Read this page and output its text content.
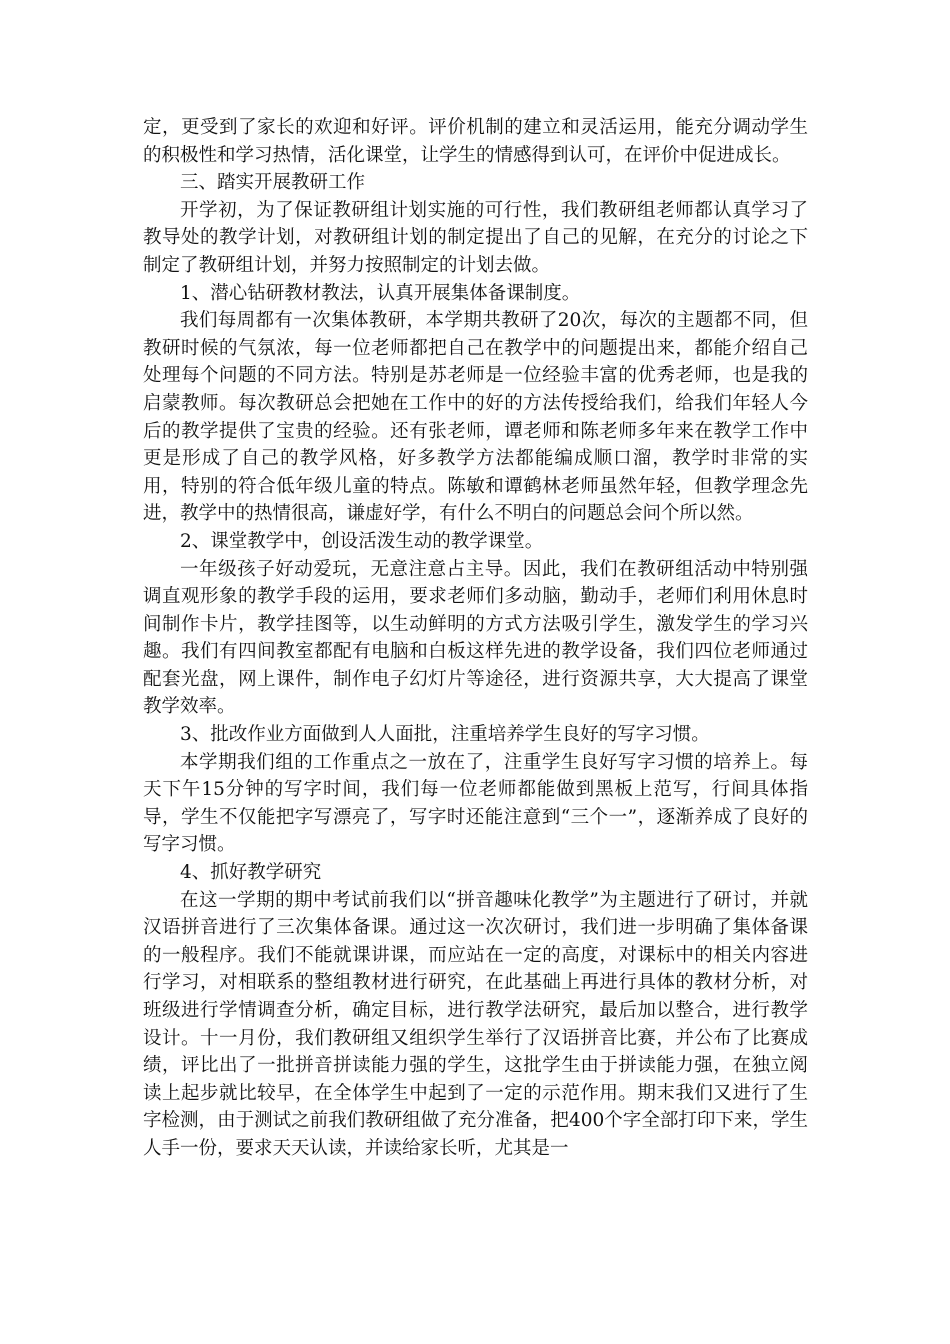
定，更受到了家长的欢迎和好评。评价机制的建立和灵活运用，能充分调动学生的积极性和学习热情，活化课堂，让学生的情感得到认可，在评价中促进成长。

三、踏实开展教研工作

开学初，为了保证教研组计划实施的可行性，我们教研组老师都认真学习了教导处的教学计划，对教研组计划的制定提出了自己的见解，在充分的讨论之下制定了教研组计划，并努力按照制定的计划去做。

1、潜心钻研教材教法，认真开展集体备课制度。

我们每周都有一次集体教研，本学期共教研了20次，每次的主题都不同，但教研时候的气氛浓，每一位老师都把自己在教学中的问题提出来，都能介绍自己处理每个问题的不同方法。特别是苏老师是一位经验丰富的优秀老师，也是我的启蒙教师。每次教研总会把她在工作中的好的方法传授给我们，给我们年轻人今后的教学提供了宝贵的经验。还有张老师，谭老师和陈老师多年来在教学工作中更是形成了自己的教学风格，好多教学方法都能编成顺口溜，教学时非常的实用，特别的符合低年级儿童的特点。陈敏和谭鹤林老师虽然年轻，但教学理念先进，教学中的热情很高，谦虚好学，有什么不明白的问题总会问个所以然。

2、课堂教学中，创设活泼生动的教学课堂。

一年级孩子好动爱玩，无意注意占主导。因此，我们在教研组活动中特别强调直观形象的教学手段的运用，要求老师们多动脑，勤动手，老师们利用休息时间制作卡片，教学挂图等，以生动鲜明的方式方法吸引学生，激发学生的学习兴趣。我们有四间教室都配有电脑和白板这样先进的教学设备，我们四位老师通过配套光盘，网上课件，制作电子幻灯片等途径，进行资源共享，大大提高了课堂教学效率。

3、批改作业方面做到人人面批，注重培养学生良好的写字习惯。

本学期我们组的工作重点之一放在了，注重学生良好写字习惯的培养上。每天下午15分钟的写字时间，我们每一位老师都能做到黑板上范写，行间具体指导，学生不仅能把字写漂亮了，写字时还能注意到“三个一”，逐渐养成了良好的写字习惯。

4、抓好教学研究

在这一学期的期中考试前我们以“拼音趣味化教学”为主题进行了研讨，并就汉语拼音进行了三次集体备课。通过这一次次研讨，我们进一步明确了集体备课的一般程序。我们不能就课讲课，而应站在一定的高度，对课标中的相关内容进行学习，对相联系的整组教材进行研究，在此基础上再进行具体的教材分析，对班级进行学情调查分析，确定目标，进行教学法研究，最后加以整合，进行教学设计。十一月份，我们教研组又组织学生举行了汉语拼音比赛，并公布了比赛成绩，评比出了一批拼音拼读能力强的学生，这批学生由于拼读能力强，在独立阅读上起步就比较早，在全体学生中起到了一定的示范作用。期末我们又进行了生字检测，由于测试之前我们教研组做了充分准备，把400个字全部打印下来，学生人手一份，要求天天认读，并读给家长听，尤其是一
